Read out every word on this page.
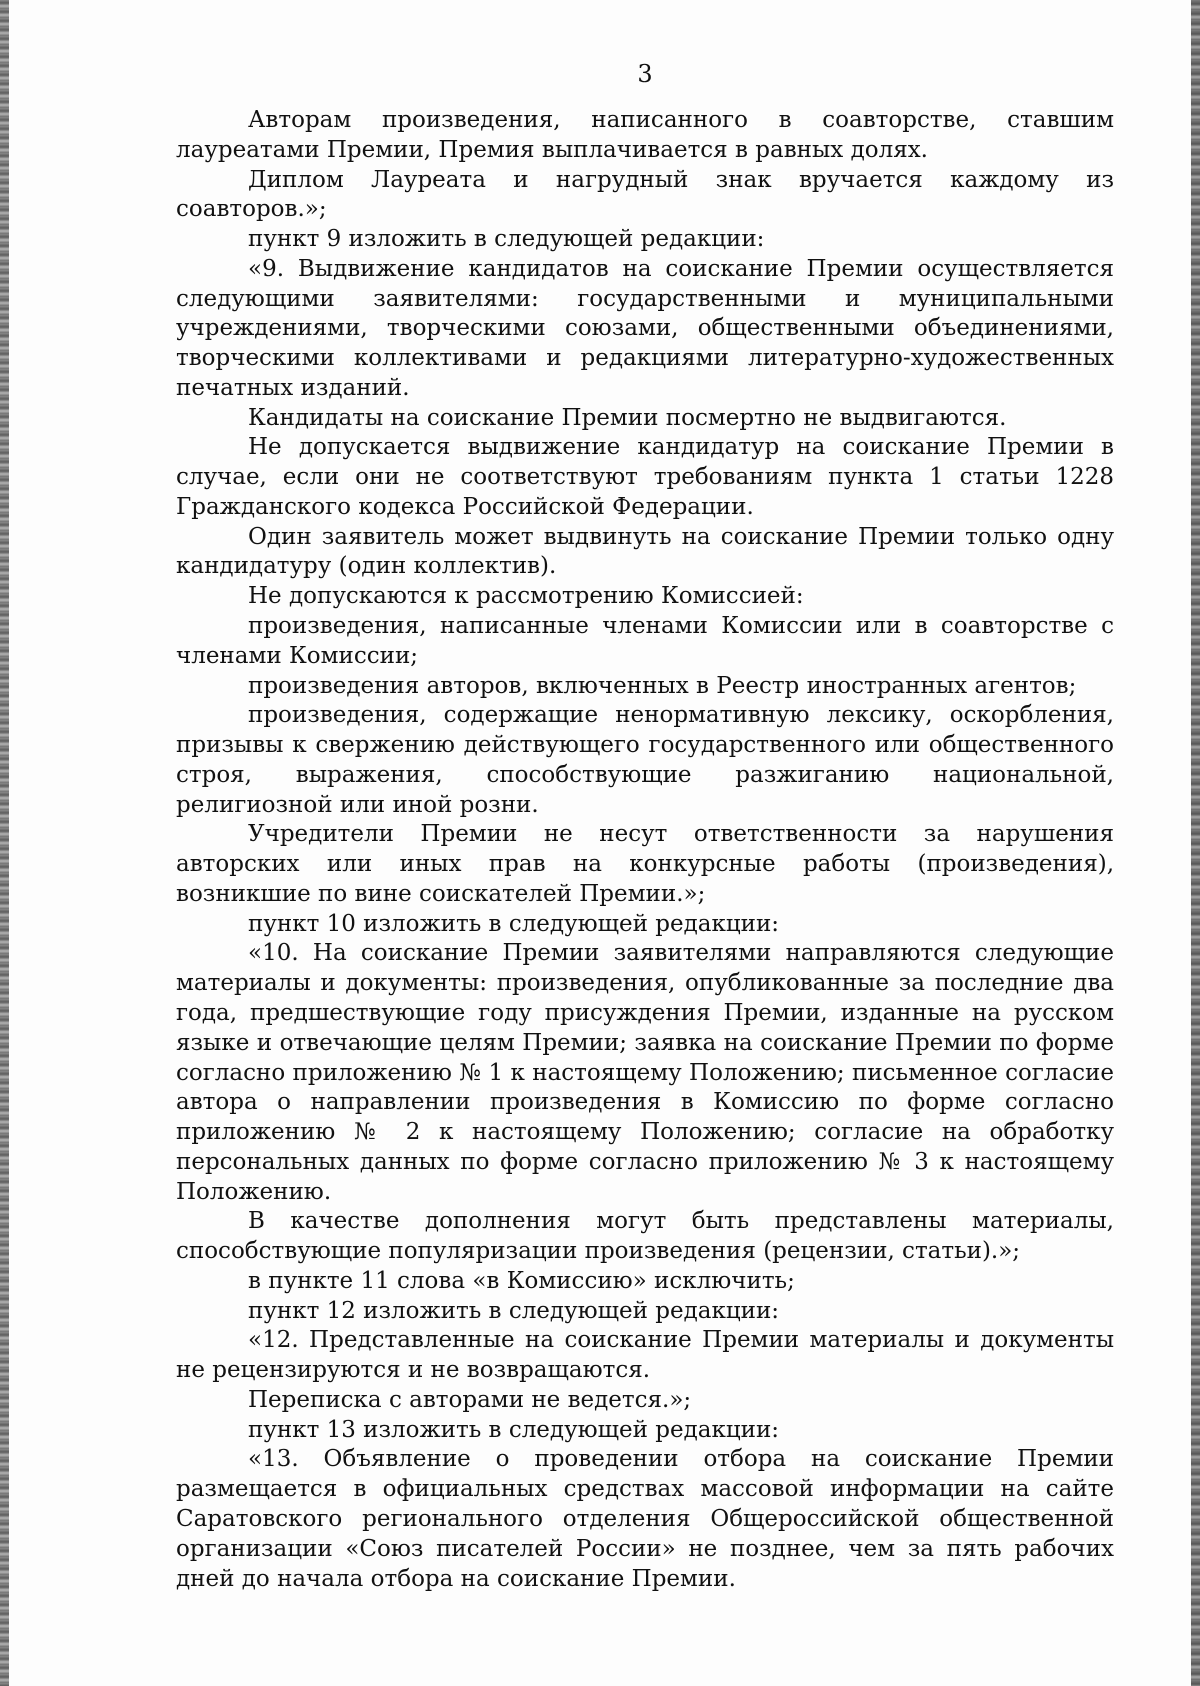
3

Авторам произведения, написанного в соавторстве, ставшим лауреатами Премии, Премия выплачивается в равных долях.

Диплом Лауреата и нагрудный знак вручается каждому из соавторов.»;

пункт 9 изложить в следующей редакции:

«9. Выдвижение кандидатов на соискание Премии осуществляется следующими заявителями: государственными и муниципальными учреждениями, творческими союзами, общественными объединениями, творческими коллективами и редакциями литературно-художественных печатных изданий.

Кандидаты на соискание Премии посмертно не выдвигаются.

Не допускается выдвижение кандидатур на соискание Премии в случае, если они не соответствуют требованиям пункта 1 статьи 1228 Гражданского кодекса Российской Федерации.

Один заявитель может выдвинуть на соискание Премии только одну кандидатуру (один коллектив).

Не допускаются к рассмотрению Комиссией:

произведения, написанные членами Комиссии или в соавторстве с членами Комиссии;

произведения авторов, включенных в Реестр иностранных агентов;

произведения, содержащие ненормативную лексику, оскорбления, призывы к свержению действующего государственного или общественного строя, выражения, способствующие разжиганию национальной, религиозной или иной розни.

Учредители Премии не несут ответственности за нарушения авторских или иных прав на конкурсные работы (произведения), возникшие по вине соискателей Премии.»;

пункт 10 изложить в следующей редакции:

«10. На соискание Премии заявителями направляются следующие материалы и документы: произведения, опубликованные за последние два года, предшествующие году присуждения Премии, изданные на русском языке и отвечающие целям Премии; заявка на соискание Премии по форме согласно приложению № 1 к настоящему Положению; письменное согласие автора о направлении произведения в Комиссию по форме согласно приложению № 2 к настоящему Положению; согласие на обработку персональных данных по форме согласно приложению № 3 к настоящему Положению.

В качестве дополнения могут быть представлены материалы, способствующие популяризации произведения (рецензии, статьи).»;

в пункте 11 слова «в Комиссию» исключить;

пункт 12 изложить в следующей редакции:

«12. Представленные на соискание Премии материалы и документы не рецензируются и не возвращаются.

Переписка с авторами не ведется.»;

пункт 13 изложить в следующей редакции:

«13. Объявление о проведении отбора на соискание Премии размещается в официальных средствах массовой информации на сайте Саратовского регионального отделения Общероссийской общественной организации «Союз писателей России» не позднее, чем за пять рабочих дней до начала отбора на соискание Премии.
